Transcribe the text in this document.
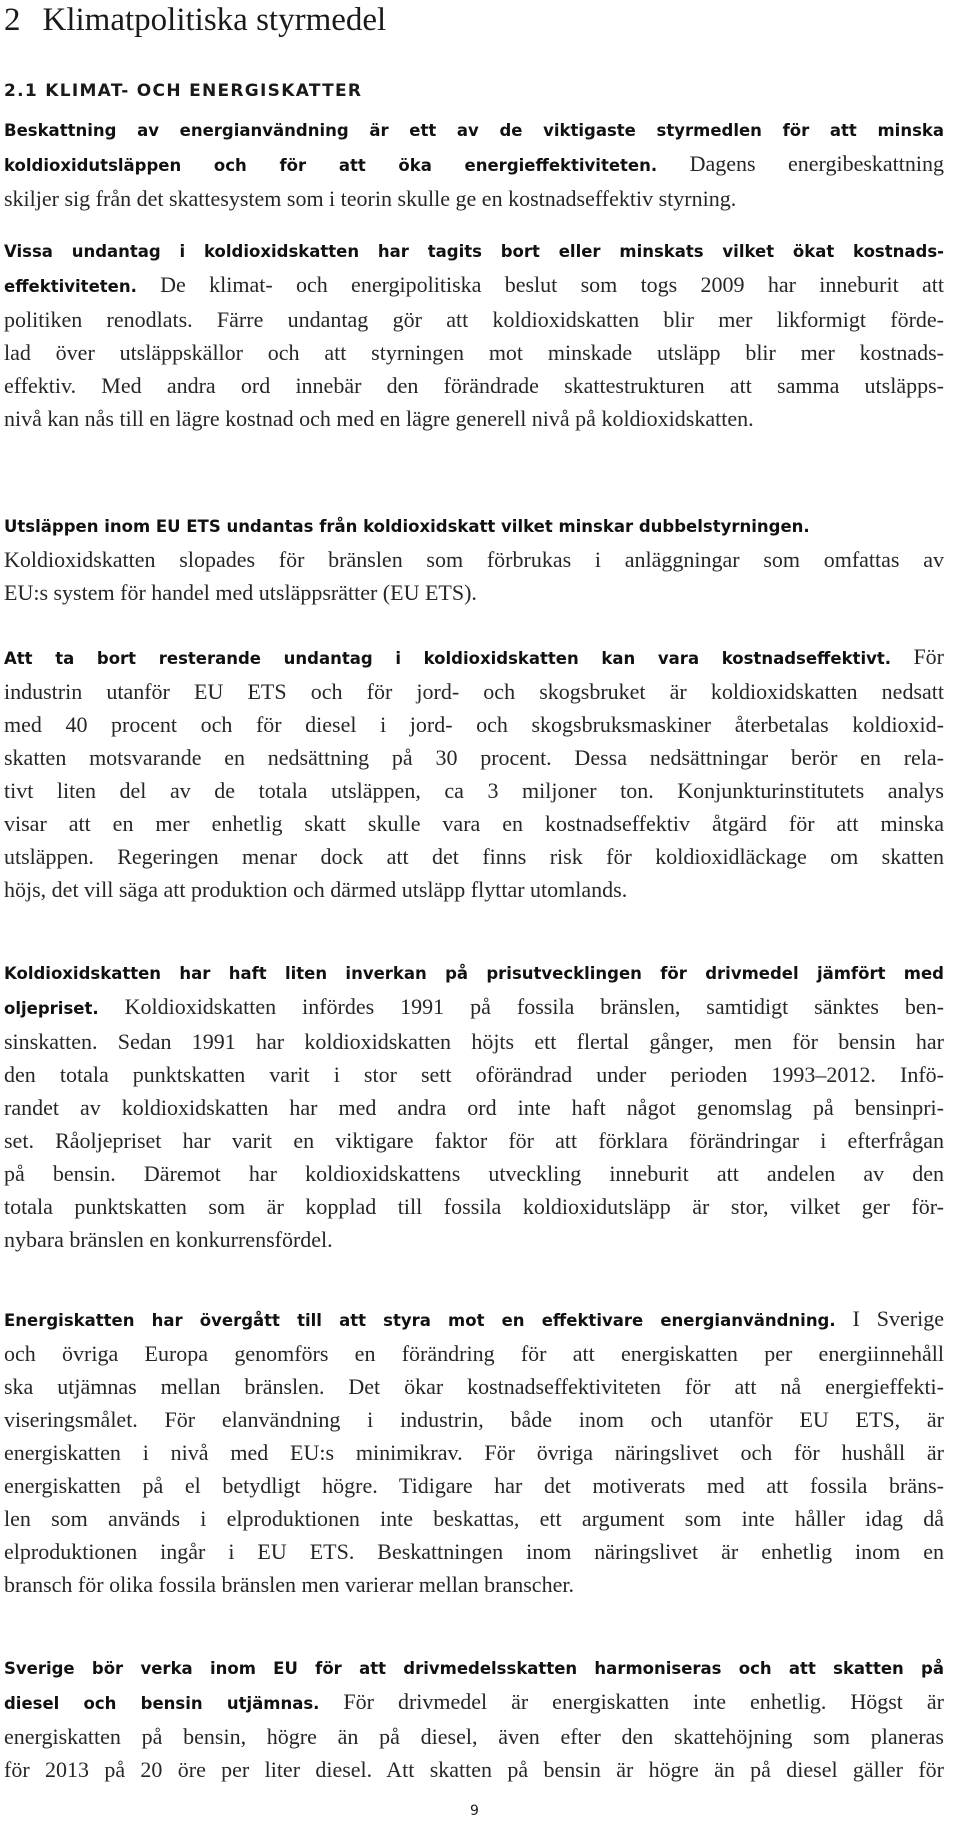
2 Klimatpolitiska styrmedel
2.1 KLIMAT- OCH ENERGISKATTER

Beskattning av energianvändning är ett av de viktigaste styrmedlen för att minska
koldioxidutsläppen och för att öka energieffektiviteten. Dagens energibeskattning
skiljer sig från det skattesystem som i teorin skulle ge en kostnadseffektiv styrning.

Vissa undantag i koldioxidskatten har tagits bort eller minskats vilket ökat kostnads-
effektiviteten. De klimat- och energipolitiska beslut som togs 2009 har inneburit att
politiken renodlats. Färre undantag gör att koldioxidskatten blir mer likformigt förde-
lad över utsläppskällor och att styrningen mot minskade utsläpp blir mer kostnads-
effektiv. Med andra ord innebär den förändrade skattestrukturen att samma utsläpps-
nivå kan nås till en lägre kostnad och med en lägre generell nivå på koldioxidskatten.

Utsläppen inom EU ETS undantas från koldioxidskatt vilket minskar dubbelstyrningen.
Koldioxidskatten slopades för bränslen som förbrukas i anläggningar som omfattas av
EU:s system för handel med utsläppsrätter (EU ETS).

Att ta bort resterande undantag i koldioxidskatten kan vara kostnadseffektivt. För
industrin utanför EU ETS och för jord- och skogsbruket är koldioxidskatten nedsatt
med 40 procent och för diesel i jord- och skogsbruksmaskiner återbetalas koldioxid-
skatten motsvarande en nedsättning på 30 procent. Dessa nedsättningar berör en rela-
tivt liten del av de totala utsläppen, ca 3 miljoner ton. Konjunkturinstitutets analys
visar att en mer enhetlig skatt skulle vara en kostnadseffektiv åtgärd för att minska
utsläppen. Regeringen menar dock att det finns risk för koldioxidläckage om skatten
höjs, det vill säga att produktion och därmed utsläpp flyttar utomlands.

Koldioxidskatten har haft liten inverkan på prisutvecklingen för drivmedel jämfört med
oljepriset. Koldioxidskatten infördes 1991 på fossila bränslen, samtidigt sänktes ben-
sinskatten. Sedan 1991 har koldioxidskatten höjts ett flertal gånger, men för bensin har
den totala punktskatten varit i stor sett oförändrad under perioden 1993–2012. Infö-
randet av koldioxidskatten har med andra ord inte haft något genomslag på bensinpri-
set. Råoljepriset har varit en viktigare faktor för att förklara förändringar i efterfrågan
på bensin. Däremot har koldioxidskattens utveckling inneburit att andelen av den
totala punktskatten som är kopplad till fossila koldioxidutsläpp är stor, vilket ger för-
nybara bränslen en konkurrensfördel.

Energiskatten har övergått till att styra mot en effektivare energianvändning. I Sverige
och övriga Europa genomförs en förändring för att energiskatten per energiinnehåll
ska utjämnas mellan bränslen. Det ökar kostnadseffektiviteten för att nå energieffekti-
viseringsmålet. För elanvändning i industrin, både inom och utanför EU ETS, är
energiskatten i nivå med EU:s minimikrav. För övriga näringslivet och för hushåll är
energiskatten på el betydligt högre. Tidigare har det motiverats med att fossila bräns-
len som används i elproduktionen inte beskattas, ett argument som inte håller idag då
elproduktionen ingår i EU ETS. Beskattningen inom näringslivet är enhetlig inom en
bransch för olika fossila bränslen men varierar mellan branscher.

Sverige bör verka inom EU för att drivmedelsskatten harmoniseras och att skatten på
diesel och bensin utjämnas. För drivmedel är energiskatten inte enhetlig. Högst är
energiskatten på bensin, högre än på diesel, även efter den skattehöjning som planeras
för 2013 på 20 öre per liter diesel. Att skatten på bensin är högre än på diesel gäller för

9
